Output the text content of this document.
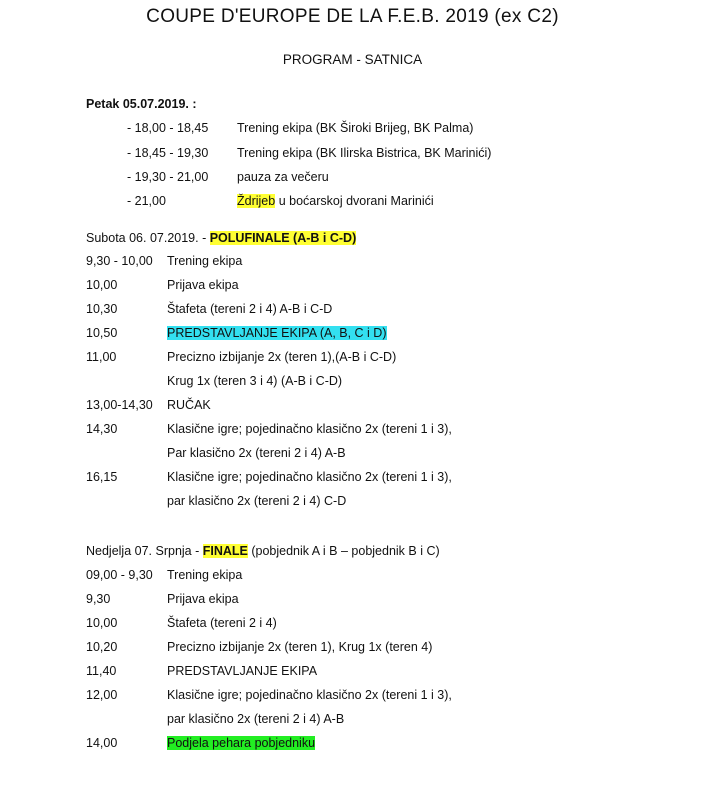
COUPE D'EUROPE DE LA F.E.B. 2019 (ex C2)
PROGRAM - SATNICA
Petak 05.07.2019. :
- 18,00 - 18,45 Trening ekipa (BK Široki Brijeg, BK Palma)
- 18,45 - 19,30 Trening ekipa (BK Ilirska Bistrica, BK Marinići)
- 19,30 - 21,00 pauza za večeru
- 21,00	Ždrijeb u boćarskoj dvorani Marinići
Subota 06. 07.2019. - POLUFINALE (A-B i C-D)
9,30 - 10,00 Trening ekipa
10,00	Prijava ekipa
10,30	Štafeta (tereni 2 i 4) A-B i C-D
10,50	PREDSTAVLJANJE EKIPA (A, B, C i D)
11,00	Precizno izbijanje 2x (teren 1),(A-B i C-D)
Krug 1x (teren 3 i 4) (A-B i C-D)
13,00-14,30 RUČAK
14,30	Klasične igre; pojedinačno klasično 2x (tereni 1 i 3),
Par klasično 2x (tereni 2 i 4) A-B
16,15	Klasične igre; pojedinačno klasično 2x (tereni 1 i 3),
par klasično 2x (tereni 2 i 4) C-D
Nedjelja 07. Srpnja - FINALE (pobjednik A i B – pobjednik B i C)
09,00 - 9,30 Trening ekipa
9,30	Prijava ekipa
10,00	Štafeta (tereni 2 i 4)
10,20	Precizno izbijanje 2x (teren 1), Krug 1x (teren 4)
11,40	PREDSTAVLJANJE EKIPA
12,00	Klasične igre; pojedinačno klasično 2x (tereni 1 i 3),
par klasično 2x (tereni 2 i 4) A-B
14,00	Podjela pehara pobjedniku
